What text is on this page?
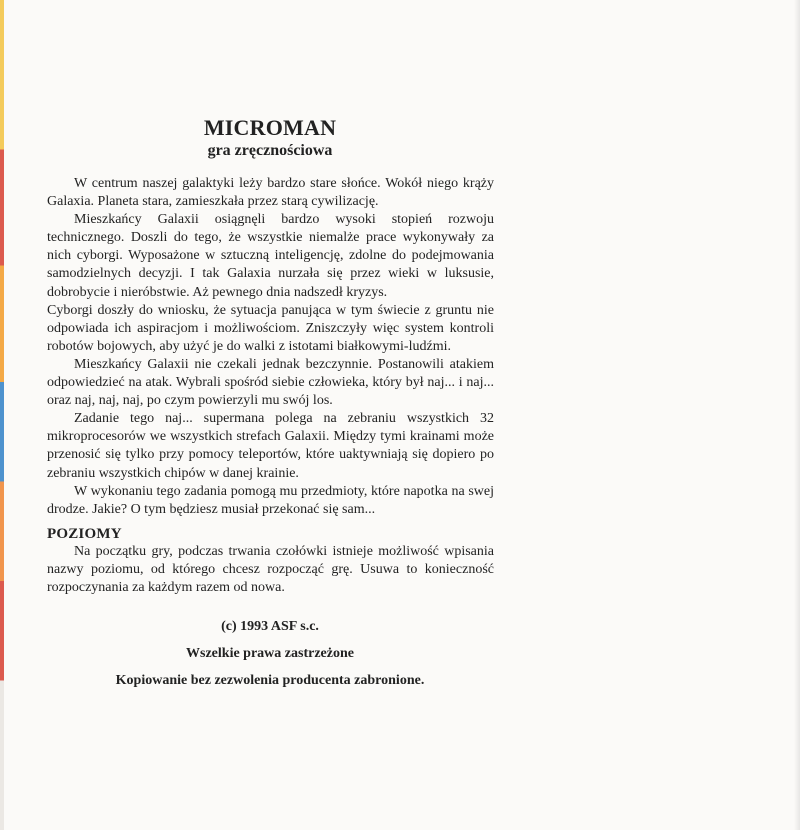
MICROMAN
gra zręcznościowa

W centrum naszej galaktyki leży bardzo stare słońce. Wokół niego krąży Galaxia. Planeta stara, zamieszkała przez starą cywilizację.

Mieszkańcy Galaxii osiągnęli bardzo wysoki stopień rozwoju technicznego. Doszli do tego, że wszystkie niemalże prace wykonywały za nich cyborgi. Wyposażone w sztuczną inteligencję, zdolne do podejmowania samodzielnych decyzji. I tak Galaxia nurzała się przez wieki w luksusie, dobrobycie i nieróbstwie. Aż pewnego dnia nadszedł kryzys.

Cyborgi doszły do wniosku, że sytuacja panująca w tym świecie z gruntu nie odpowiada ich aspiracjom i możliwościom. Zniszczyły więc system kontroli robotów bojowych, aby użyć je do walki z istotami białkowymi-ludźmi.

Mieszkańcy Galaxii nie czekali jednak bezczynnie. Postanowili atakiem odpowiedzieć na atak. Wybrali spośród siebie człowieka, który był naj... i naj... oraz naj, naj, naj, po czym powierzyli mu swój los.

Zadanie tego naj... supermana polega na zebraniu wszystkich 32 mikroprocesorów we wszystkich strefach Galaxii. Między tymi krainami może przenosić się tylko przy pomocy teleportów, które uaktywniają się dopiero po zebraniu wszystkich chipów w danej krainie.

W wykonaniu tego zadania pomogą mu przedmioty, które napotka na swej drodze. Jakie? O tym będziesz musiał przekonać się sam...

POZIOMY

Na początku gry, podczas trwania czołówki istnieje możliwość wpisania nazwy poziomu, od którego chcesz rozpocząć grę. Usuwa to konieczność rozpoczynania za każdym razem od nowa.

(c) 1993 ASF s.c.

Wszelkie prawa zastrzeżone

Kopiowanie bez zezwolenia producenta zabronione.
